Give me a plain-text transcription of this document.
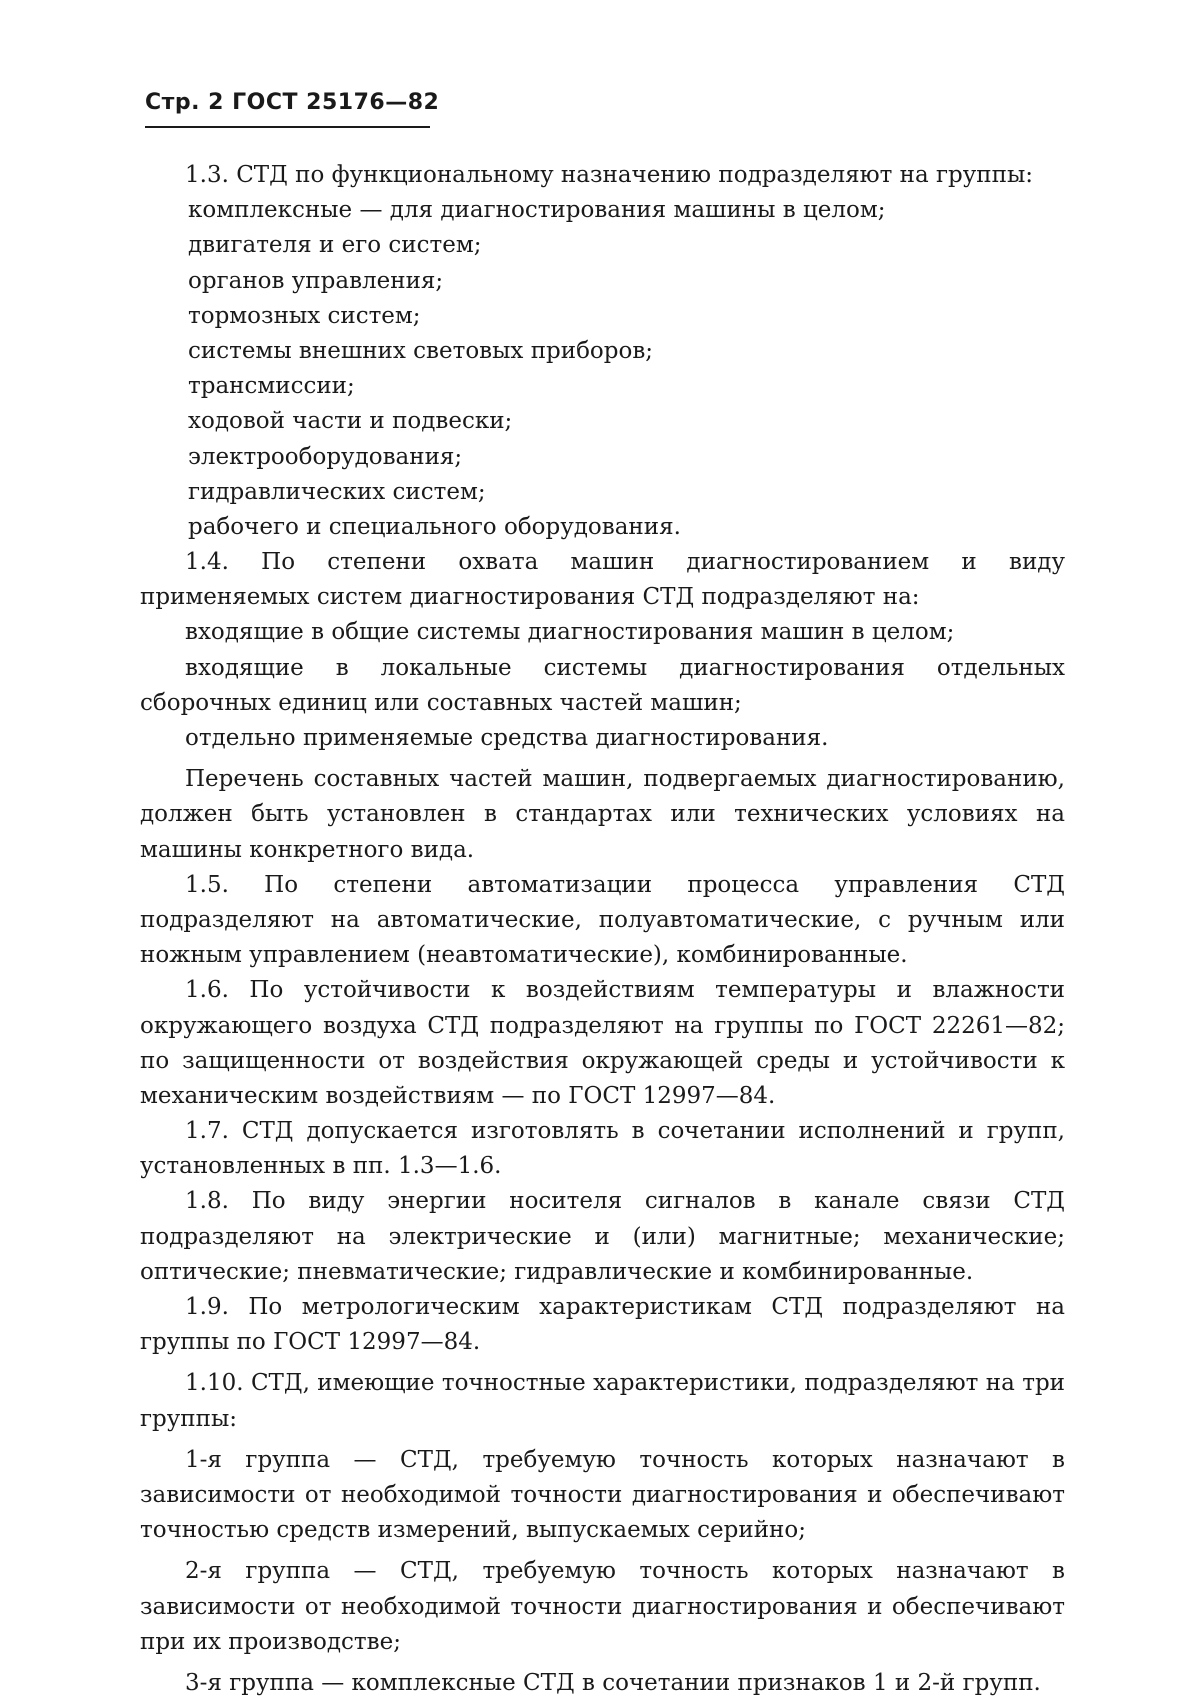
Стр. 2 ГОСТ 25176—82

1.3. СТД по функциональному назначению подразделяют на группы:

комплексные — для диагностирования машины в целом;

двигателя и его систем;

органов управления;

тормозных систем;

системы внешних световых приборов;

трансмиссии;

ходовой части и подвески;

электрооборудования;

гидравлических систем;

рабочего и специального оборудования.

1.4. По степени охвата машин диагностированием и виду применяемых систем диагностирования СТД подразделяют на:

входящие в общие системы диагностирования машин в целом;

входящие в локальные системы диагностирования отдельных сборочных единиц или составных частей машин;

отдельно применяемые средства диагностирования.

Перечень составных частей машин, подвергаемых диагностированию, должен быть установлен в стандартах или технических условиях на машины конкретного вида.

1.5. По степени автоматизации процесса управления СТД подразделяют на автоматические, полуавтоматические, с ручным или ножным управлением (неавтоматические), комбинированные.

1.6. По устойчивости к воздействиям температуры и влажности окружающего воздуха СТД подразделяют на группы по ГОСТ 22261—82; по защищенности от воздействия окружающей среды и устойчивости к механическим воздействиям — по ГОСТ 12997—84.

1.7. СТД допускается изготовлять в сочетании исполнений и групп, установленных в пп. 1.3—1.6.

1.8. По виду энергии носителя сигналов в канале связи СТД подразделяют на электрические и (или) магнитные; механические; оптические; пневматические; гидравлические и комбинированные.

1.9. По метрологическим характеристикам СТД подразделяют на группы по ГОСТ 12997—84.

1.10. СТД, имеющие точностные характеристики, подразделяют на три группы:

1-я группа — СТД, требуемую точность которых назначают в зависимости от необходимой точности диагностирования и обеспечивают точностью средств измерений, выпускаемых серийно;

2-я группа — СТД, требуемую точность которых назначают в зависимости от необходимой точности диагностирования и обеспечивают при их производстве;

3-я группа — комплексные СТД в сочетании признаков 1 и 2-й групп.
